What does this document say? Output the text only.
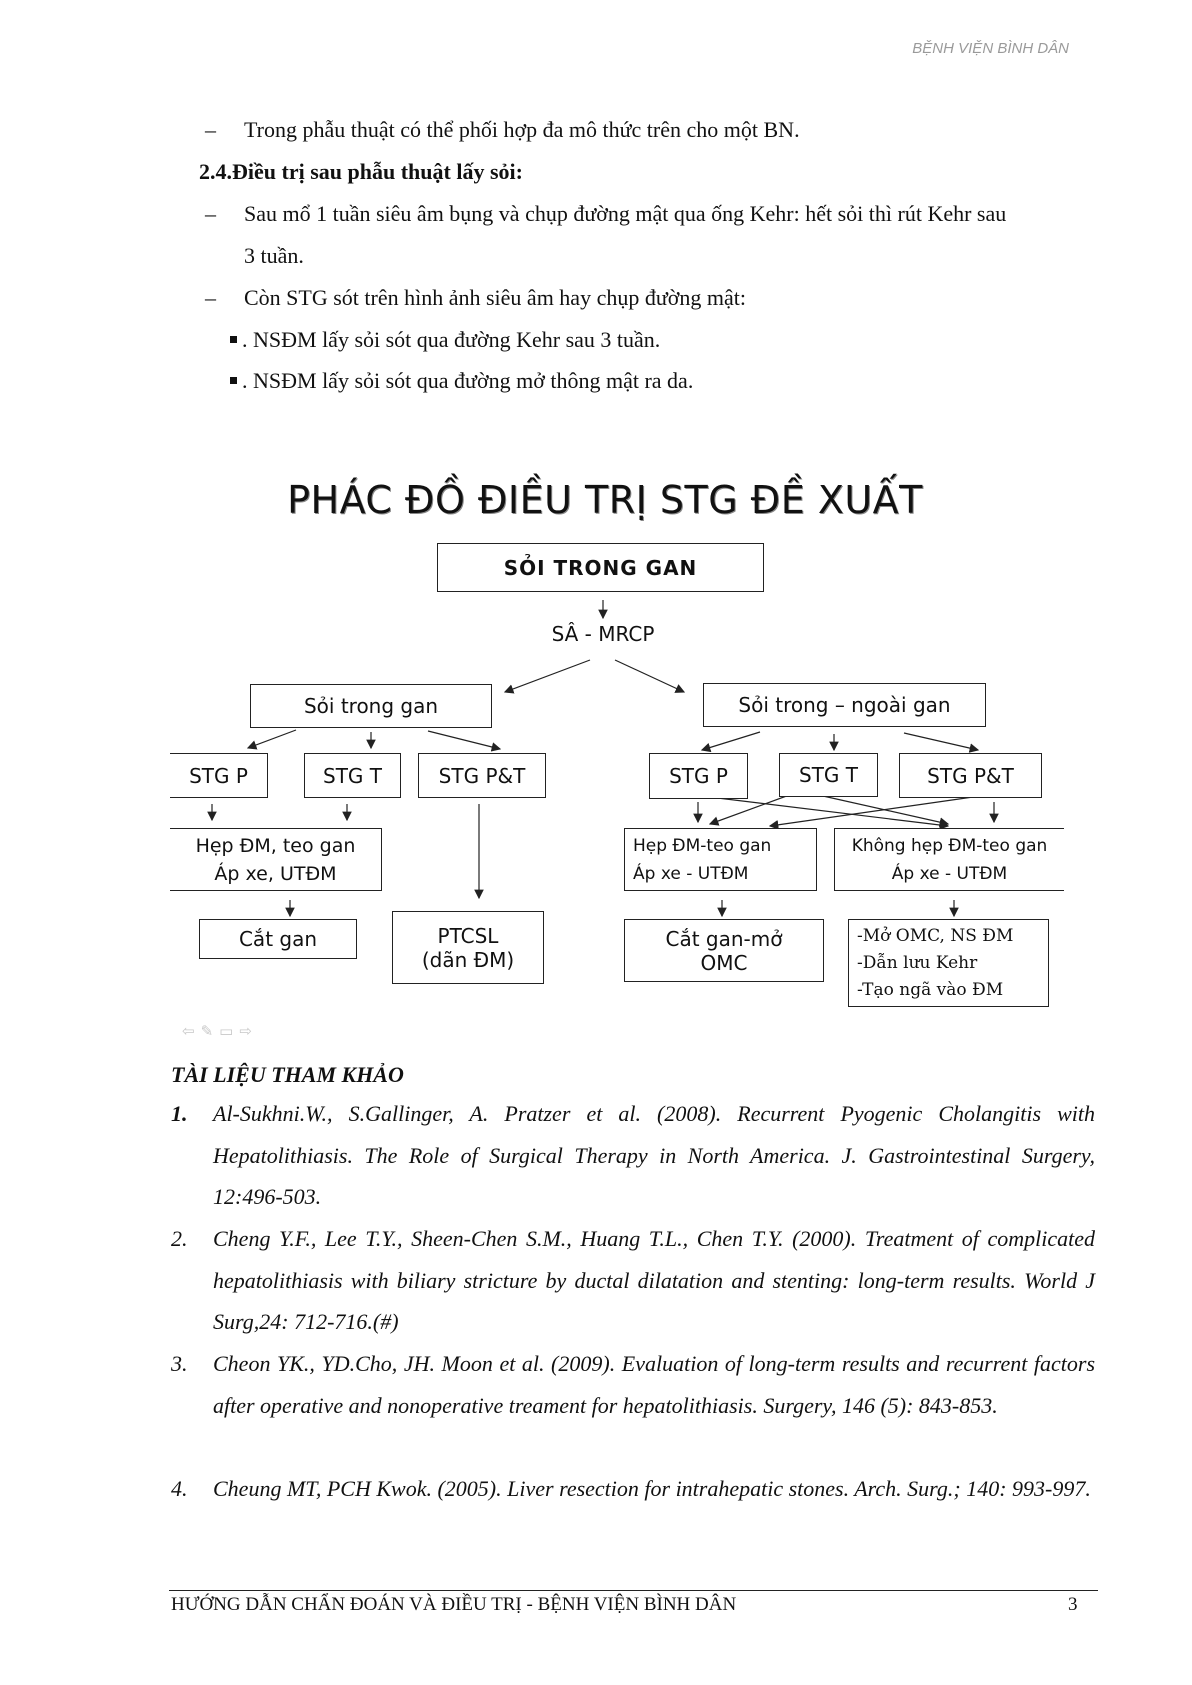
BỆNH VIỆN BÌNH DÂN
– Trong phẫu thuật có thể phối hợp đa mô thức trên cho một BN.
2.4.Điều trị sau phẫu thuật lấy sỏi:
– Sau mổ 1 tuần siêu âm bụng và chụp đường mật qua ống Kehr: hết sỏi thì rút Kehr sau
3 tuần.
– Còn STG sót trên hình ảnh siêu âm hay chụp đường mật:
. NSĐM lấy sỏi sót qua đường Kehr sau 3 tuần.
. NSĐM lấy sỏi sót qua đường mở thông mật ra da.
PHÁC ĐỒ ĐIỀU TRỊ STG ĐỀ XUẤT
SỎI TRONG GAN
SÂ - MRCP
Sỏi trong gan	Sỏi trong – ngoài gan
STG P	STG T	STG P&T	STG P	STG T	STG P&T
Hẹp ĐM, teo gan
Áp xe, UTĐM
Hẹp ĐM-teo gan
Áp xe - UTĐM
Không hẹp ĐM-teo gan
Áp xe - UTĐM
Cắt gan	PTCSL
(dãn ĐM)
Cắt gan-mở
OMC
-Mở OMC, NS ĐM
-Dẫn lưu Kehr
-Tạo ngã vào ĐM
⇦✎▭⇨
TÀI LIỆU THAM KHẢO
1. Al-Sukhni.W., S.Gallinger, A. Pratzer et al. (2008). Recurrent Pyogenic Cholangitis with Hepatolithiasis. The Role of Surgical Therapy in North America. J. Gastrointestinal Surgery, 12:496-503.
2. Cheng Y.F., Lee T.Y., Sheen-Chen S.M., Huang T.L., Chen T.Y. (2000). Treatment of complicated hepatolithiasis with biliary stricture by ductal dilatation and stenting: long-term results. World J Surg,24: 712-716.(#)
3. Cheon YK., YD.Cho, JH. Moon et al. (2009). Evaluation of long-term results and recurrent factors after operative and nonoperative treament for hepatolithiasis. Surgery, 146 (5): 843-853.
4. Cheung MT, PCH Kwok. (2005). Liver resection for intrahepatic stones. Arch. Surg.; 140: 993-997.
HƯỚNG DẪN CHẨN ĐOÁN VÀ ĐIỀU TRỊ - BỆNH VIỆN BÌNH DÂN	3
